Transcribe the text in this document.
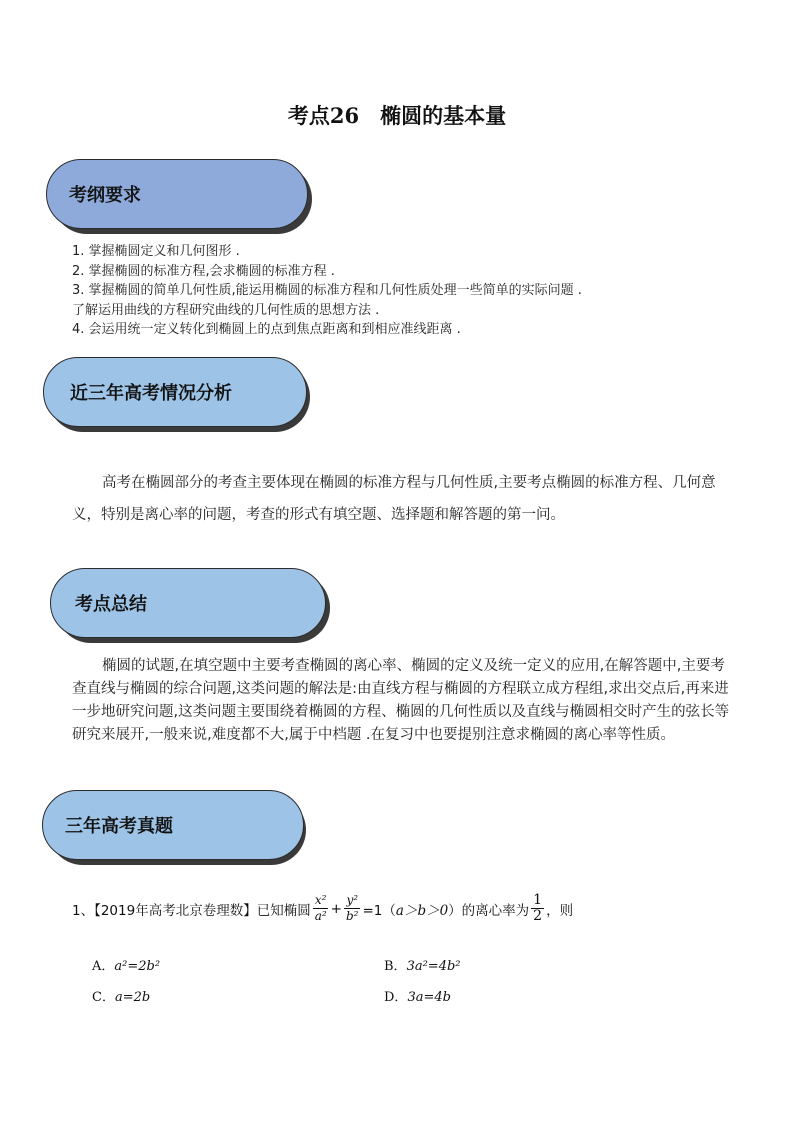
考点26　椭圆的基本量
考纲要求
1. 掌握椭圆定义和几何图形 .
2. 掌握椭圆的标准方程,会求椭圆的标准方程 .
3. 掌握椭圆的简单几何性质,能运用椭圆的标准方程和几何性质处理一些简单的实际问题 .
了解运用曲线的方程研究曲线的几何性质的思想方法 .
4. 会运用统一定义转化到椭圆上的点到焦点距离和到相应准线距离 .
近三年高考情况分析
高考在椭圆部分的考查主要体现在椭圆的标准方程与几何性质,主要考点椭圆的标准方程、几何意义，特别是离心率的问题，考查的形式有填空题、选择题和解答题的第一问。
考点总结
椭圆的试题,在填空题中主要考查椭圆的离心率、椭圆的定义及统一定义的应用,在解答题中,主要考查直线与椭圆的综合问题,这类问题的解法是:由直线方程与椭圆的方程联立成方程组,求出交点后,再来进一步地研究问题,这类问题主要围绕着椭圆的方程、椭圆的几何性质以及直线与椭圆相交时产生的弦长等研究来展开,一般来说,难度都不大,属于中档题 .在复习中也要提别注意求椭圆的离心率等性质。
三年高考真题
1、【2019年高考北京卷理数】已知椭圆 $\frac{\text{x²}}{\text{a²}} + \frac{\text{y²}}{\text{b²}} =1$（ a＞b＞0 ）的离心率为 $\frac{1}{2}$ ，则
A．a²=2b²	B．3a²=4b²
C．a=2b	D．3a=4b
